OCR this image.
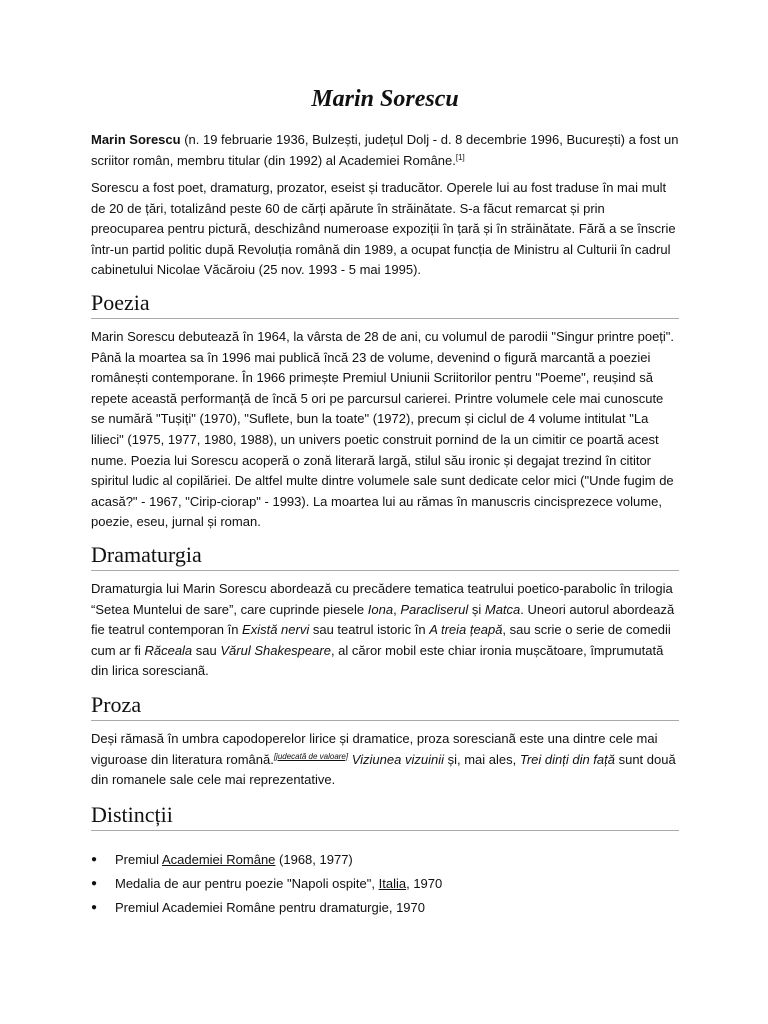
Marin Sorescu

Marin Sorescu (n. 19 februarie 1936, Bulzești, județul Dolj - d. 8 decembrie 1996, București) a fost un scriitor român, membru titular (din 1992) al Academiei Române.[1]

Sorescu a fost poet, dramaturg, prozator, eseist și traducător. Operele lui au fost traduse în mai mult de 20 de țări, totalizând peste 60 de cărți apărute în străinătate. S-a făcut remarcat și prin preocuparea pentru pictură, deschizând numeroase expoziții în țară și în străinătate. Fără a se înscrie într-un partid politic după Revoluția română din 1989, a ocupat funcția de Ministru al Culturii în cadrul cabinetului Nicolae Văcăroiu (25 nov. 1993 - 5 mai 1995).

Poezia

Marin Sorescu debutează în 1964, la vârsta de 28 de ani, cu volumul de parodii "Singur printre poeți". Până la moartea sa în 1996 mai publică încă 23 de volume, devenind o figură marcantă a poeziei românești contemporane. În 1966 primește Premiul Uniunii Scriitorilor pentru "Poeme", reușind să repete această performanță de încă 5 ori pe parcursul carierei. Printre volumele cele mai cunoscute se numără "Tușiți" (1970), "Suflete, bun la toate" (1972), precum și ciclul de 4 volume intitulat "La lilieci" (1975, 1977, 1980, 1988), un univers poetic construit pornind de la un cimitir ce poartă acest nume. Poezia lui Sorescu acoperă o zonă literară largă, stilul său ironic și degajat trezind în cititor spiritul ludic al copilăriei. De altfel multe dintre volumele sale sunt dedicate celor mici ("Unde fugim de acasă?" - 1967, "Cirip-ciorap" - 1993). La moartea lui au rămas în manuscris cincisprezece volume, poezie, eseu, jurnal și roman.

Dramaturgia

Dramaturgia lui Marin Sorescu abordează cu precădere tematica teatrului poetico-parabolic în trilogia “Setea Muntelui de sare”, care cuprinde piesele Iona, Paracliserul și Matca. Uneori autorul abordează fie teatrul contemporan în Există nervi sau teatrul istoric în A treia țeapă, sau scrie o serie de comedii cum ar fi Răceala sau Vărul Shakespeare, al căror mobil este chiar ironia mușcătoare, împrumutată din lirica sorescianã.

Proza

Deși rămasă în umbra capodoperelor lirice și dramatice, proza sorescianã este una dintre cele mai viguroase din literatura română.[judecată de valoare] Viziunea vizuinii și, mai ales, Trei dinți din față sunt două din romanele sale cele mai reprezentative.

Distincții
● Premiul Academiei Române (1968, 1977)
● Medalia de aur pentru poezie "Napoli ospite", Italia, 1970
● Premiul Academiei Române pentru dramaturgie, 1970
